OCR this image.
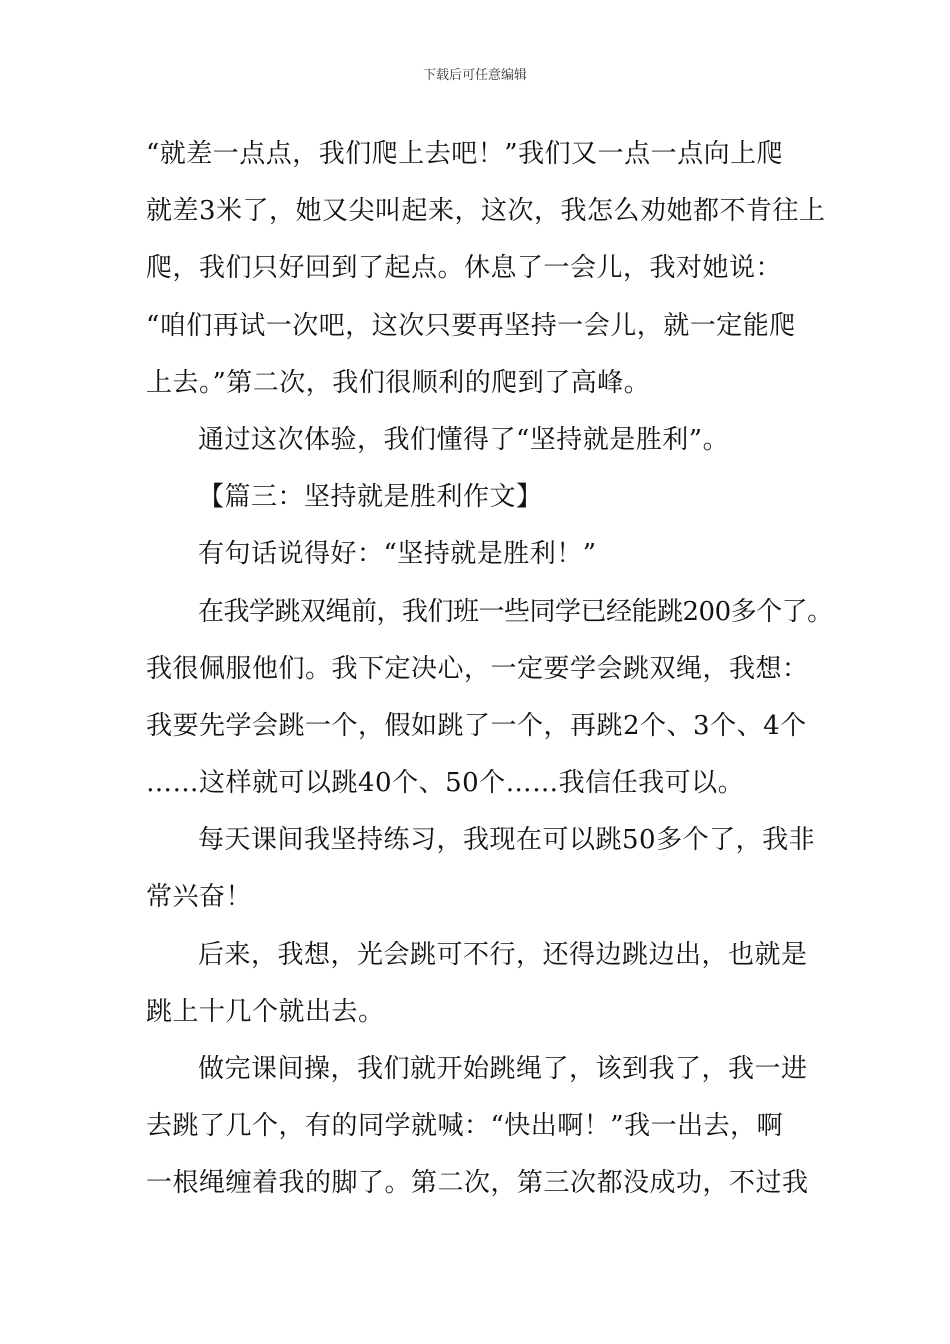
下载后可任意编辑
“就差一点点，我们爬上去吧！”我们又一点一点向上爬
就差3米了，她又尖叫起来，这次，我怎么劝她都不肯往上
爬，我们只好回到了起点。休息了一会儿，我对她说：
“咱们再试一次吧，这次只要再坚持一会儿，就一定能爬
上去。”第二次，我们很顺利的爬到了高峰。
通过这次体验，我们懂得了“坚持就是胜利”。
【篇三：坚持就是胜利作文】
有句话说得好：“坚持就是胜利！”
在我学跳双绳前，我们班一些同学已经能跳200多个了。
我很佩服他们。我下定决心，一定要学会跳双绳，我想：
我要先学会跳一个，假如跳了一个，再跳2个、3个、4个
……这样就可以跳40个、50个……我信任我可以。
每天课间我坚持练习，我现在可以跳50多个了，我非
常兴奋！
后来，我想，光会跳可不行，还得边跳边出，也就是
跳上十几个就出去。
做完课间操，我们就开始跳绳了，该到我了，我一进
去跳了几个，有的同学就喊：“快出啊！”我一出去，啊
一根绳缠着我的脚了。第二次，第三次都没成功，不过我
